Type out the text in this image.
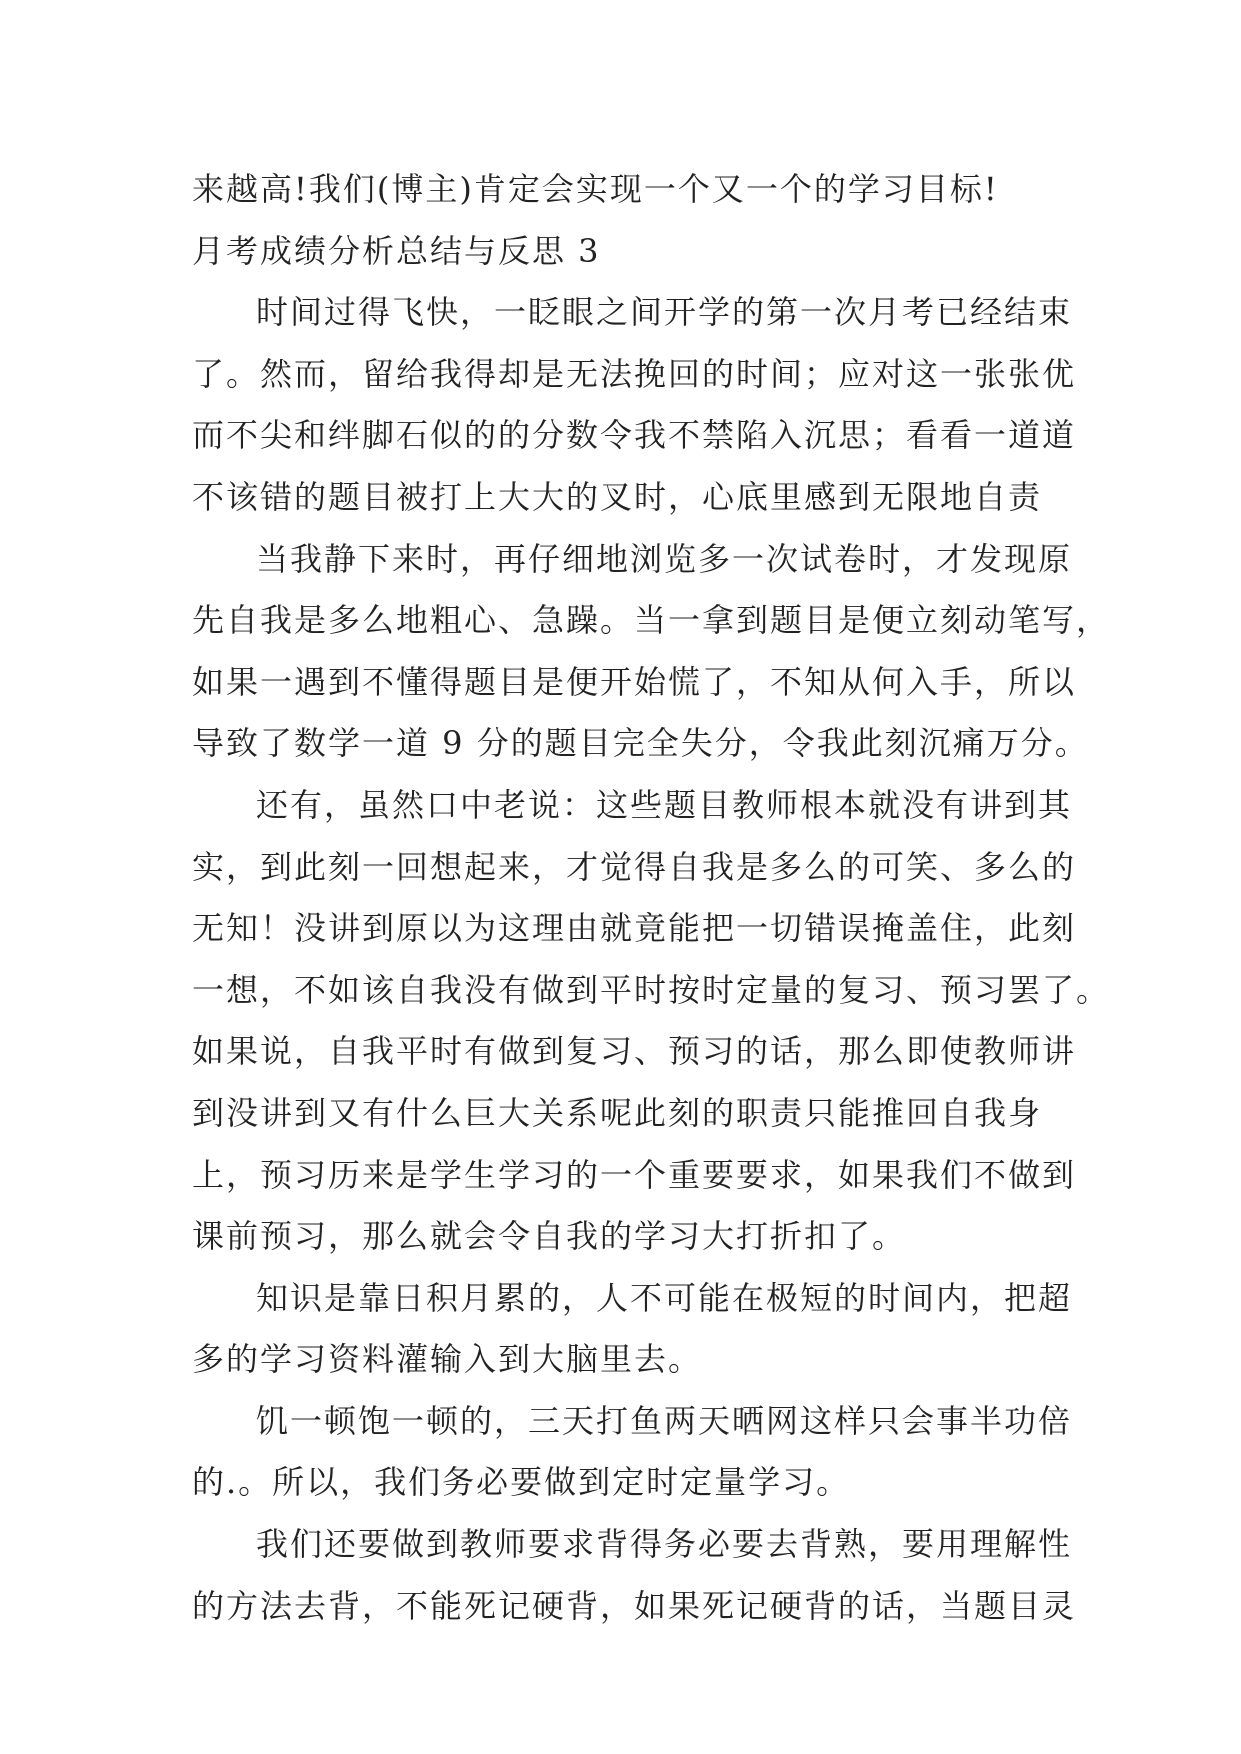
来越高!我们(博主)肯定会实现一个又一个的学习目标!
月考成绩分析总结与反思 3
时间过得飞快，一眨眼之间开学的第一次月考已经结束
了。然而，留给我得却是无法挽回的时间；应对这一张张优
而不尖和绊脚石似的的分数令我不禁陷入沉思；看看一道道
不该错的题目被打上大大的叉时，心底里感到无限地自责
当我静下来时，再仔细地浏览多一次试卷时，才发现原
先自我是多么地粗心、急躁。当一拿到题目是便立刻动笔写，
如果一遇到不懂得题目是便开始慌了，不知从何入手，所以
导致了数学一道 9 分的题目完全失分，令我此刻沉痛万分。
还有，虽然口中老说：这些题目教师根本就没有讲到其
实，到此刻一回想起来，才觉得自我是多么的可笑、多么的
无知！没讲到原以为这理由就竟能把一切错误掩盖住，此刻
一想，不如该自我没有做到平时按时定量的复习、预习罢了。
如果说，自我平时有做到复习、预习的话，那么即使教师讲
到没讲到又有什么巨大关系呢此刻的职责只能推回自我身
上，预习历来是学生学习的一个重要要求，如果我们不做到
课前预习，那么就会令自我的学习大打折扣了。
知识是靠日积月累的，人不可能在极短的时间内，把超
多的学习资料灌输入到大脑里去。
饥一顿饱一顿的，三天打鱼两天晒网这样只会事半功倍
的.。所以，我们务必要做到定时定量学习。
我们还要做到教师要求背得务必要去背熟，要用理解性
的方法去背，不能死记硬背，如果死记硬背的话，当题目灵
